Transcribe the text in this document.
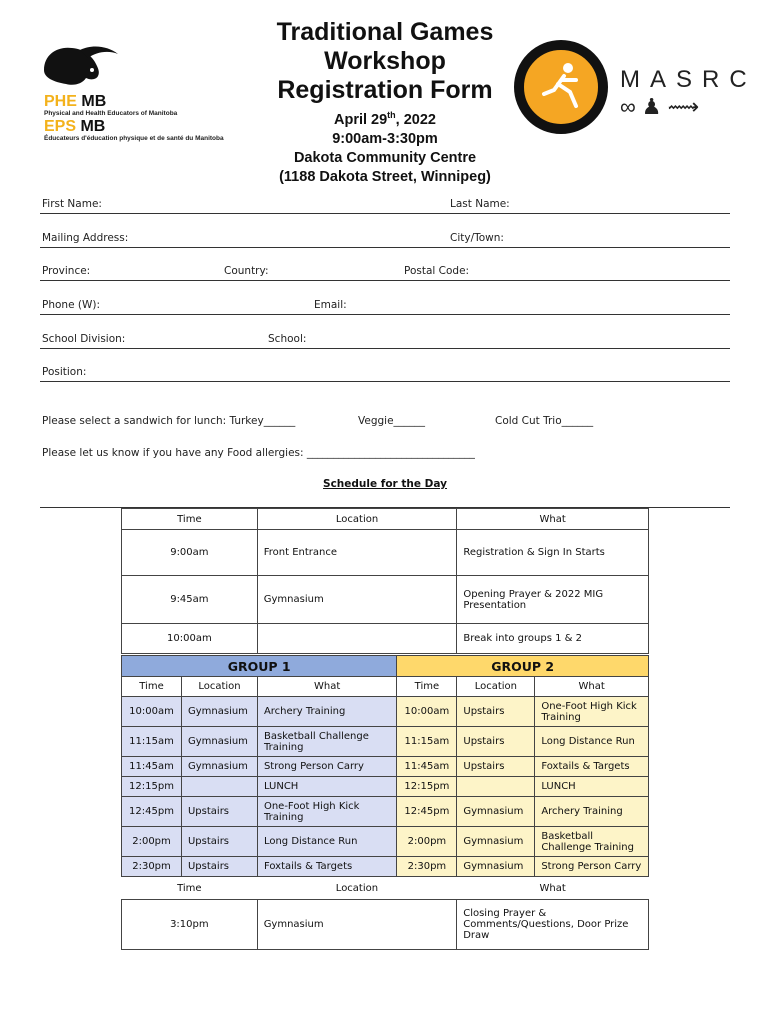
Traditional Games
Workshop
Registration Form
April 29th, 2022
9:00am-3:30pm
Dakota Community Centre
(1188 Dakota Street, Winnipeg)
PHE MB
Physical and Health Educators of Manitoba
EPS MB
Éducateurs d'éducation physique et de santé du Manitoba
MASRC
∞ ♟ ⟿
First Name:	Last Name:
Mailing Address:	City/Town:
Province:	Country:	Postal Code:
Phone (W):	Email:
School Division:	School:
Position:
Please select a sandwich for lunch: Turkey______	Veggie______	Cold Cut Trio______
Please let us know if you have any Food allergies: ________________________________
Schedule for the Day
Time	Location	What
9:00am	Front Entrance	Registration & Sign In Starts
9:45am	Gymnasium	Opening Prayer & 2022 MIG Presentation
10:00am		Break into groups 1 & 2
GROUP 1			GROUP 2		
Time	Location	What	Time	Location	What
10:00am	Gymnasium	Archery Training	10:00am	Upstairs	One-Foot High Kick Training
11:15am	Gymnasium	Basketball Challenge Training	11:15am	Upstairs	Long Distance Run
11:45am	Gymnasium	Strong Person Carry	11:45am	Upstairs	Foxtails & Targets
12:15pm		LUNCH	12:15pm		LUNCH
12:45pm	Upstairs	One-Foot High Kick Training	12:45pm	Gymnasium	Archery Training
2:00pm	Upstairs	Long Distance Run	2:00pm	Gymnasium	Basketball Challenge Training
2:30pm	Upstairs	Foxtails & Targets	2:30pm	Gymnasium	Strong Person Carry
Time	Location	What
3:10pm	Gymnasium	Closing Prayer & Comments/Questions, Door Prize Draw
